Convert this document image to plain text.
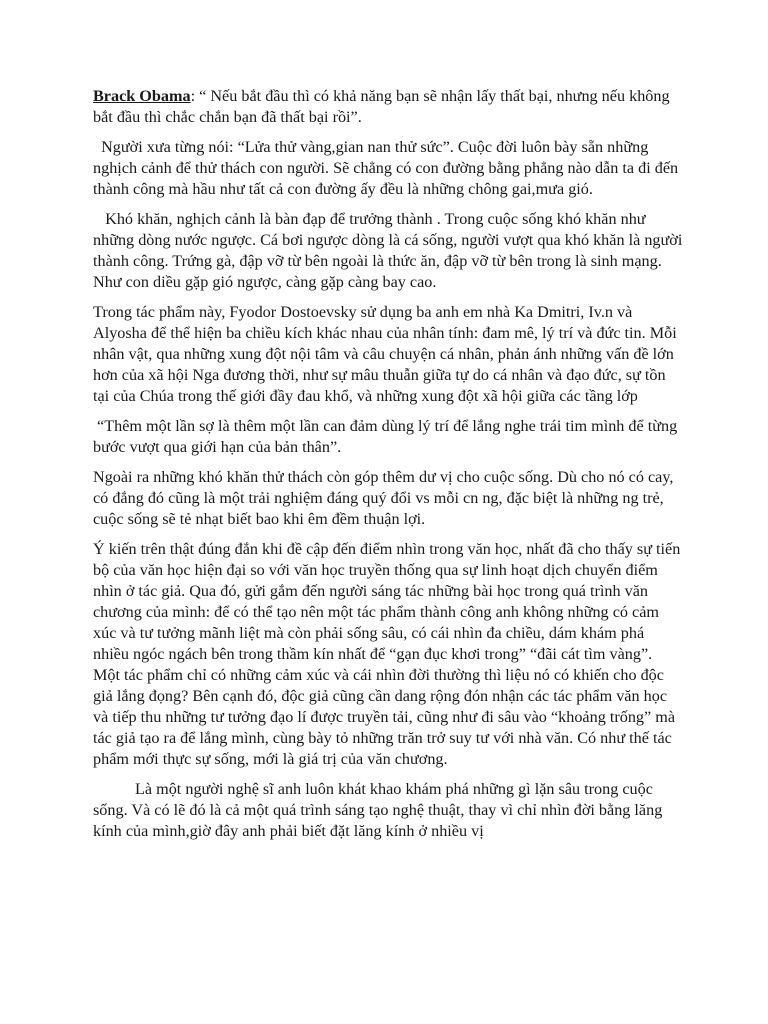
Brack Obama: “ Nếu bắt đầu thì có khả năng bạn sẽ nhận lấy thất bại, nhưng nếu không bắt đầu thì chắc chắn bạn đã thất bại rồi”.

Người xưa từng nói: “Lửa thử vàng,gian nan thử sức”. Cuộc đời luôn bày sẵn những nghịch cảnh để thử thách con người. Sẽ chẳng có con đường bằng phẳng nào dẫn ta đi đến thành công mà hầu như tất cả con đường ấy đều là những chông gai,mưa gió.

Khó khăn, nghịch cảnh là bàn đạp để trưởng thành . Trong cuộc sống khó khăn như những dòng nước ngược. Cá bơi ngược dòng là cá sống, người vượt qua khó khăn là người thành công. Trứng gà, đập vỡ từ bên ngoài là thức ăn, đập vỡ từ bên trong là sinh mạng. Như con diều gặp gió ngược, càng gặp càng bay cao.

Trong tác phẩm này, Fyodor Dostoevsky sử dụng ba anh em nhà Ka Dmitri, Iv.n và Alyosha để thể hiện ba chiều kích khác nhau của nhân tính: đam mê, lý trí và đức tin. Mỗi nhân vật, qua những xung đột nội tâm và câu chuyện cá nhân, phản ánh những vấn đề lớn hơn của xã hội Nga đương thời, như sự mâu thuẫn giữa tự do cá nhân và đạo đức, sự tồn tại của Chúa trong thế giới đầy đau khổ, và những xung đột xã hội giữa các tầng lớp

“Thêm một lần sợ là thêm một lần can đảm dùng lý trí để lắng nghe trái tim mình để từng bước vượt qua giới hạn của bản thân”.

Ngoài ra những khó khăn thử thách còn góp thêm dư vị cho cuộc sống. Dù cho nó có cay, có đắng đó cũng là một trải nghiệm đáng quý đổi vs mỗi cn ng, đặc biệt là những ng trẻ, cuộc sống sẽ tẻ nhạt biết bao khi êm đềm thuận lợi.

Ý kiến trên thật đúng đắn khi đề cập đến điểm nhìn trong văn học, nhất đã cho thấy sự tiến bộ của văn học hiện đại so với văn học truyền thống qua sự linh hoạt dịch chuyển điểm nhìn ở tác giả. Qua đó, gửi gắm đến người sáng tác những bài học trong quá trình văn chương của mình: để có thể tạo nên một tác phẩm thành công anh không những có cảm xúc và tư tưởng mãnh liệt mà còn phải sống sâu, có cái nhìn đa chiều, dám khám phá nhiều ngóc ngách bên trong thầm kín nhất để “gạn đục khơi trong” “đãi cát tìm vàng”. Một tác phẩm chỉ có những cảm xúc và cái nhìn đời thường thì liệu nó có khiến cho độc giả lắng đọng? Bên cạnh đó, độc giả cũng cần dang rộng đón nhận các tác phẩm văn học và tiếp thu những tư tưởng đạo lí được truyền tải, cũng như đi sâu vào “khoảng trống” mà tác giả tạo ra để lắng mình, cùng bày tỏ những trăn trở suy tư với nhà văn. Có như thế tác phẩm mới thực sự sống, mới là giá trị của văn chương.

Là một người nghệ sĩ anh luôn khát khao khám phá những gì lặn sâu trong cuộc sống. Và có lẽ đó là cả một quá trình sáng tạo nghệ thuật, thay vì chỉ nhìn đời bằng lăng kính của mình,giờ đây anh phải biết đặt lăng kính ở nhiều vị
